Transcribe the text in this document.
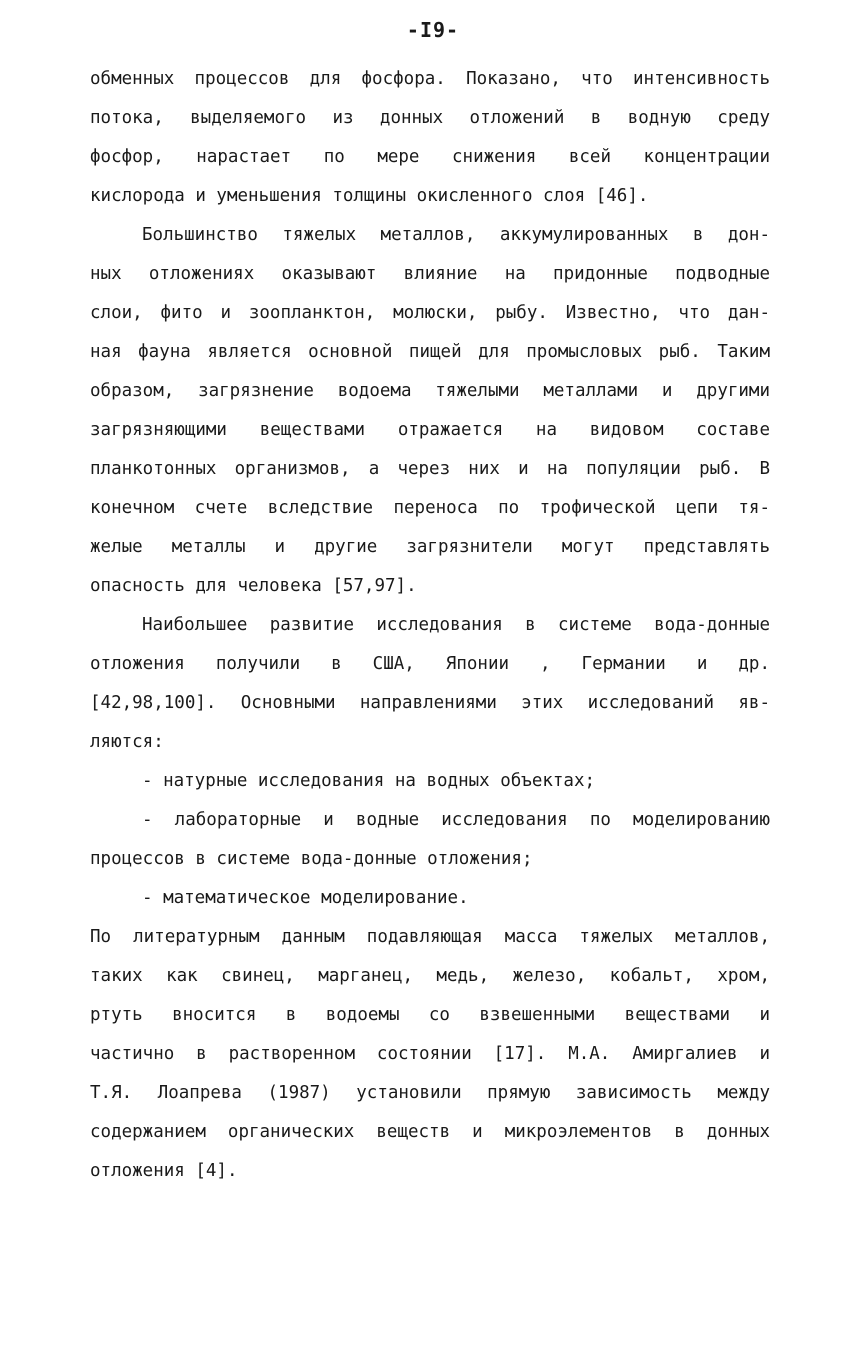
-I9-
обменных процессов для фосфора. Показано, что интенсивность
потока, выделяемого из донных отложений в водную среду
фосфор, нарастает по мере снижения всей концентрации
кислорода и уменьшения толщины окисленного слоя [46].
Большинство тяжелых металлов, аккумулированных в дон-
ных отложениях оказывают влияние на придонные подводные
слои, фито и зоопланктон, молюски, рыбу. Известно, что дан-
ная фауна является основной пищей для промысловых рыб. Таким
образом, загрязнение водоема тяжелыми металлами и другими
загрязняющими веществами отражается на видовом составе
планкотонных организмов, а через них и на популяции рыб. В
конечном счете вследствие переноса по трофической цепи тя-
желые металлы и другие загрязнители могут представлять
опасность для человека [57,97].
Наибольшее развитие исследования в системе вода-донные
отложения получили в США, Японии , Германии и др.
[42,98,100]. Основными направлениями этих исследований яв-
ляются:
- натурные исследования на водных объектах;
- лабораторные и водные исследования по моделированию
процессов в системе вода-донные отложения;
- математическое моделирование.
По литературным данным подавляющая масса тяжелых металлов,
таких как свинец, марганец, медь, железо, кобальт, хром,
ртуть вносится в водоемы со взвешенными веществами и
частично в растворенном состоянии [17]. М.А. Амиргалиев и
Т.Я. Лоапрева (1987) установили прямую зависимость между
содержанием органических веществ и микроэлементов в донных
отложения [4].
